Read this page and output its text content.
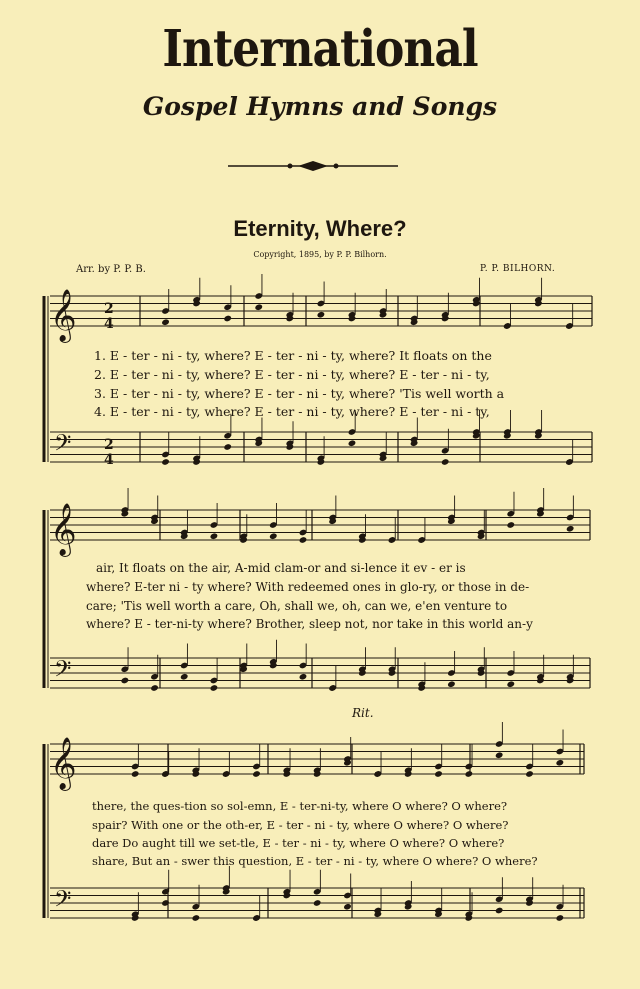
International
Gospel Hymns and Songs
Eternity, Where?
Copyright, 1895, by P. P. Bilhorn.
Arr. by P. P. B.	P. P. BILHORN.
𝄞
𝄢
𝄞
𝄢
𝄞
𝄢
2
4
2
4
1. E - ter - ni - ty, where? E - ter - ni - ty, where? It floats on the
2. E - ter - ni - ty, where? E - ter - ni - ty, where? E - ter - ni - ty,
3. E - ter - ni - ty, where? E - ter - ni - ty, where? 'Tis well worth a
4. E - ter - ni - ty, where? E - ter - ni - ty, where? E - ter - ni - ty,
air, It floats on the air, A-mid clam-or and si-lence it ev - er is
where? E-ter ni - ty where? With redeemed ones in glo-ry, or those in de-
care; 'Tis well worth a care, Oh, shall we, oh, can we, e'en venture to
where? E - ter-ni-ty where? Brother, sleep not, nor take in this world an-y
Rit.
there, the ques-tion so sol-emn, E - ter-ni-ty, where O where? O where?
spair? With one or the oth-er, E - ter - ni - ty, where O where? O where?
dare Do aught till we set-tle, E - ter - ni - ty, where O where? O where?
share, But an - swer this question, E - ter - ni - ty, where O where? O where?
